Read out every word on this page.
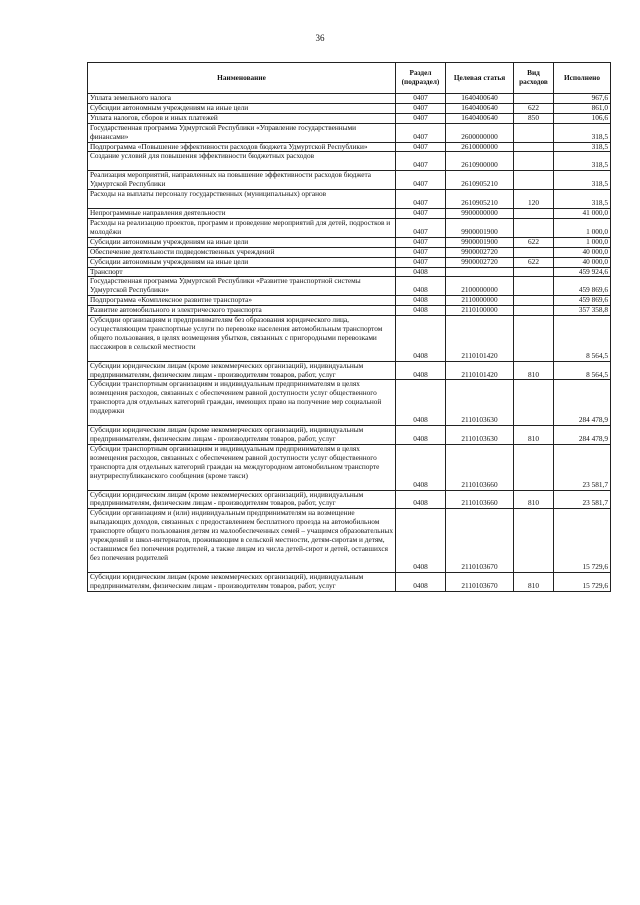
36
Наименование	Раздел (подраздел)	Целевая статья	Вид расходов	Исполнено
Уплата земельного налога	0407	1640400640		967,6
Субсидии автономным учреждениям на иные цели	0407	1640400640	622	861,0
Уплата налогов, сборов и иных платежей	0407	1640400640	850	106,6
Государственная программа Удмуртской Республики «Управление государственными финансами»	0407	2600000000		318,5
Подпрограмма «Повышение эффективности расходов бюджета Удмуртской Республики»	0407	2610000000		318,5
Создание условий для повышения эффективности бюджетных расходов	0407	2610900000		318,5
Реализация мероприятий, направленных на повышение эффективности расходов бюджета Удмуртской Республики	0407	2610905210		318,5
Расходы на выплаты персоналу государственных (муниципальных) органов	0407	2610905210	120	318,5
Непрограммные направления деятельности	0407	9900000000		41 000,0
Расходы на реализацию проектов, программ и проведение мероприятий для детей, подростков и молодёжи	0407	9900001900		1 000,0
Субсидии автономным учреждениям на иные цели	0407	9900001900	622	1 000,0
Обеспечение деятельности подведомственных учреждений	0407	9900002720		40 000,0
Субсидии автономным учреждениям на иные цели	0407	9900002720	622	40 000,0
Транспорт	0408			459 924,6
Государственная программа Удмуртской Республики «Развитие транспортной системы Удмуртской Республики»	0408	2100000000		459 869,6
Подпрограмма «Комплексное развитие транспорта»	0408	2110000000		459 869,6
Развитие автомобильного и электрического транспорта	0408	2110100000		357 358,8
Субсидии организациям и предпринимателям без образования юридического лица, осуществляющим транспортные услуги по перевозке населения автомобильным транспортом общего пользования, в целях возмещения убытков, связанных с пригородными перевозками пассажиров в сельской местности	0408	2110101420		8 564,5
Субсидии юридическим лицам (кроме некоммерческих организаций), индивидуальным предпринимателям, физическим лицам - производителям товаров, работ, услуг	0408	2110101420	810	8 564,5
Субсидии транспортным организациям и индивидуальным предпринимателям в целях возмещения расходов, связанных с обеспечением равной доступности услуг общественного транспорта для отдельных категорий граждан, имеющих право на получение мер социальной поддержки	0408	2110103630		284 478,9
Субсидии юридическим лицам (кроме некоммерческих организаций), индивидуальным предпринимателям, физическим лицам - производителям товаров, работ, услуг	0408	2110103630	810	284 478,9
Субсидии транспортным организациям и индивидуальным предпринимателям в целях возмещения расходов, связанных с обеспечением равной доступности услуг общественного транспорта для отдельных категорий граждан на междугородном автомобильном транспорте внутриреспубликанского сообщения (кроме такси)	0408	2110103660		23 581,7
Субсидии юридическим лицам (кроме некоммерческих организаций), индивидуальным предпринимателям, физическим лицам - производителям товаров, работ, услуг	0408	2110103660	810	23 581,7
Субсидии организациям и (или) индивидуальным предпринимателям на возмещение выпадающих доходов, связанных с предоставлением бесплатного проезда на автомобильном транспорте общего пользования детям из малообеспеченных семей – учащимся образовательных учреждений и школ-интернатов, проживающим в сельской местности, детям-сиротам и детям, оставшимся без попечения родителей, а также лицам из числа детей-сирот и детей, оставшихся без попечения родителей	0408	2110103670		15 729,6
Субсидии юридическим лицам (кроме некоммерческих организаций), индивидуальным предпринимателям, физическим лицам - производителям товаров, работ, услуг	0408	2110103670	810	15 729,6
